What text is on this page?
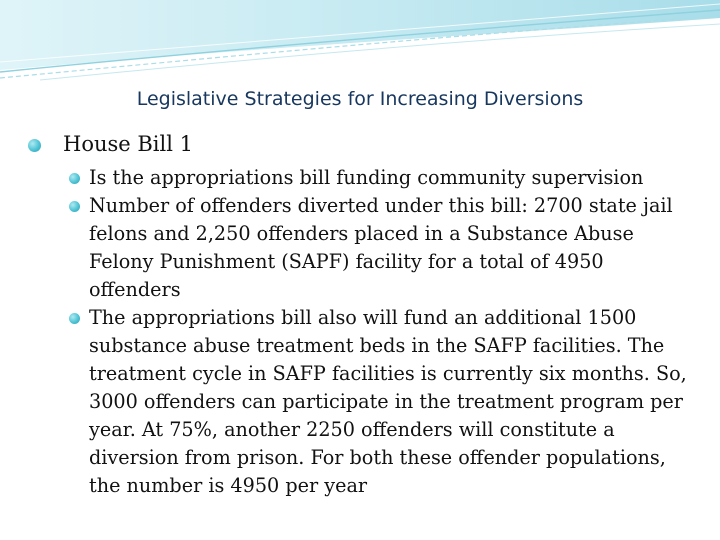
Legislative Strategies for Increasing Diversions
House Bill 1
Is the appropriations bill funding community supervision
Number of offenders diverted under this bill: 2700 state jail felons and 2,250 offenders placed in a Substance Abuse Felony Punishment (SAPF) facility for a total of 4950 offenders
The appropriations bill also will fund an additional 1500 substance abuse treatment beds in the SAFP facilities. The treatment cycle in SAFP facilities is currently six months. So, 3000 offenders can participate in the treatment program per year. At 75%, another 2250 offenders will constitute a diversion from prison. For both these offender populations, the number is 4950 per year
